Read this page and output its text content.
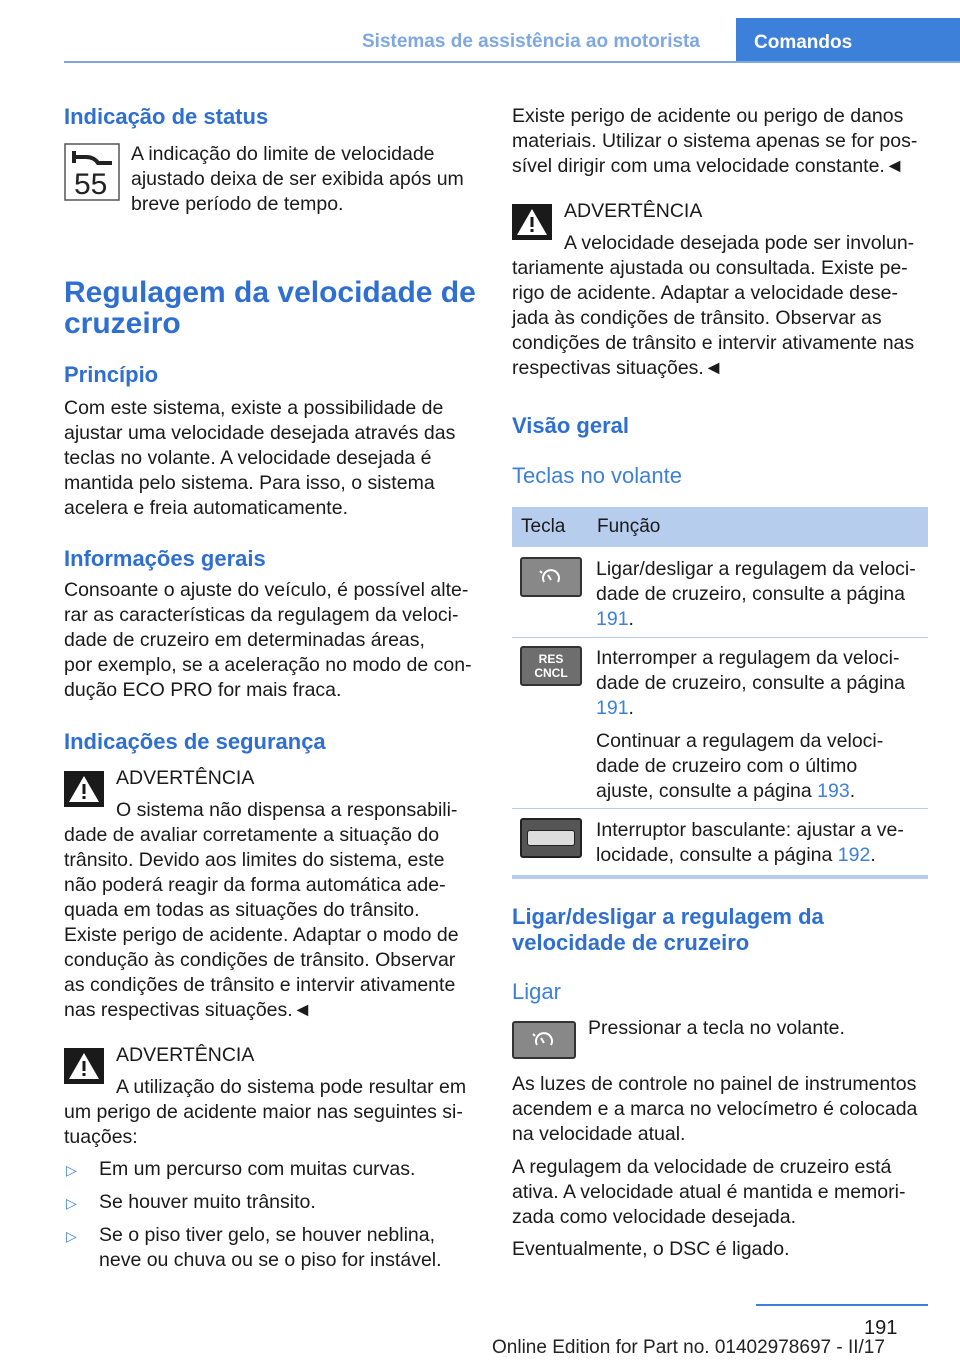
Sistemas de assistência ao motorista	Comandos
Indicação de status
55
A indicação do limite de velocidade
ajustado deixa de ser exibida após um
breve período de tempo.
Regulagem da velocidade de
cruzeiro
Princípio
Com este sistema, existe a possibilidade de
ajustar uma velocidade desejada através das
teclas no volante. A velocidade desejada é
mantida pelo sistema. Para isso, o sistema
acelera e freia automaticamente.
Informações gerais
Consoante o ajuste do veículo, é possível alte‐
rar as características da regulagem da veloci‐
dade de cruzeiro em determinadas áreas,
por exemplo, se a aceleração no modo de con‐
dução ECO PRO for mais fraca.
Indicações de segurança
ADVERTÊNCIA
O sistema não dispensa a responsabili‐
dade de avaliar corretamente a situação do
trânsito. Devido aos limites do sistema, este
não poderá reagir da forma automática ade‐
quada em todas as situações do trânsito.
Existe perigo de acidente. Adaptar o modo de
condução às condições de trânsito. Observar
as condições de trânsito e intervir ativamente
nas respectivas situações.◄
ADVERTÊNCIA
A utilização do sistema pode resultar em
um perigo de acidente maior nas seguintes si‐
tuações:
▷ Em um percurso com muitas curvas.
▷ Se houver muito trânsito.
▷ Se o piso tiver gelo, se houver neblina,
neve ou chuva ou se o piso for instável.
Existe perigo de acidente ou perigo de danos
materiais. Utilizar o sistema apenas se for pos‐
sível dirigir com uma velocidade constante.◄
ADVERTÊNCIA
A velocidade desejada pode ser involun‐
tariamente ajustada ou consultada. Existe pe‐
rigo de acidente. Adaptar a velocidade dese‐
jada às condições de trânsito. Observar as
condições de trânsito e intervir ativamente nas
respectivas situações.◄
Visão geral
Teclas no volante
Tecla Função
Ligar/desligar a regulagem da veloci‐
dade de cruzeiro, consulte a página
191.
RES
CNCL
Interromper a regulagem da veloci‐
dade de cruzeiro, consulte a página
191.
Continuar a regulagem da veloci‐
dade de cruzeiro com o último
ajuste, consulte a página 193.
Interruptor basculante: ajustar a ve‐
locidade, consulte a página 192.
Ligar/desligar a regulagem da
velocidade de cruzeiro
Ligar
Pressionar a tecla no volante.
As luzes de controle no painel de instrumentos
acendem e a marca no velocímetro é colocada
na velocidade atual.
A regulagem da velocidade de cruzeiro está
ativa. A velocidade atual é mantida e memori‐
zada como velocidade desejada.
Eventualmente, o DSC é ligado.
191
Online Edition for Part no. 01402978697 - II/17
